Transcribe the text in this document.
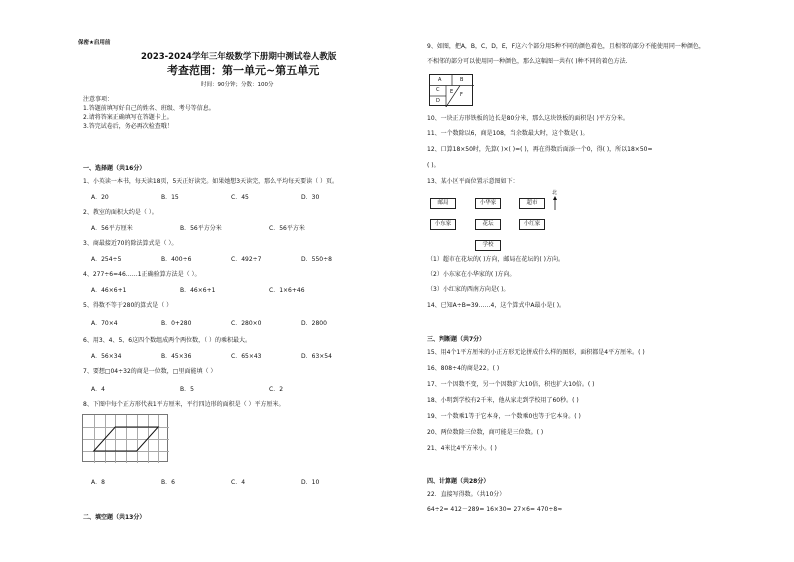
保密★启用前
2023-2024学年三年级数学下册期中测试卷人教版
考查范围：第一单元~第五单元
时间：90分钟；分数：100分
注意事项：
1.答题前填写好自己的姓名、班级、考号等信息。
2.请将答案正确填写在答题卡上。
3.答完试卷后，务必再次检查哦！
一、选择题（共16分）
1、小英读一本书，每天读18页，5天正好读完。如果她想3天读完，那么平均每天要读（ ）页。
A．20	B．15	C．45	D．30
2、教室的面积大约是（ ）。
A．56平方厘米	B．56平方分米	C．56平方米
3、商最接近70的除法算式是（ ）。
A．254÷5	B．400÷6	C．492÷7	D．550÷8
4、277÷6=46……1正确验算方法是（ ）。
A．46×6+1	B．46×6+1	C．1×6+46
5、得数不等于280的算式是（ ）
A．70×4	B．0+280	C．280×0	D．2800
6、用3、4、5、6这四个数组成两个两位数，（ ）的乘积最大。
A．56×34	B．45×36	C．65×43	D．63×54
7、要想□04÷32的商是一位数，□里面能填（ ）
A．4	B．5	C．2
8、下图中每个正方形代表1平方厘米，平行四边形的面积是（ ）平方厘米。
A．8	B．6	C．4	D．10
二、填空题（共13分）
9、如图，把A，B，C，D，E，F这六个部分用5种不同的颜色着色，且相邻的部分不能使用同一种颜色，
不相邻的部分可以使用同一种颜色，那么这幅图一共有( )种不同的着色方法.
A	B
C E
D
F
10、一块正方形铁板的边长是80分米，那么这块铁板的面积是( )平方分米。
11、一个数除以6，商是108，当余数最大时，这个数是( )。
12、口算18×50时，先算( )×( )=( )，再在得数后面添一个0，得( )，所以18×50=
( )。
13、某小区平面位置示意图如下：
北
邮局	小华家	超市
小东家	花坛	小红家
学校
（1）超市在花坛的( )方向，邮局在花坛的( )方向。
（2）小东家在小华家的( )方向。
（3）小红家的西南方向是( )。
14、已知A÷B=39……4，这个算式中A最小是( )。
三、判断题（共7分）
15、用4个1平方厘米的小正方形无论拼成什么样的图形，面积都是4平方厘米。( )
16、808÷4的商是22。( )
17、一个因数不变，另一个因数扩大10倍，积也扩大10倍。( )
18、小明到学校有2千米，他从家走到学校用了60秒。( )
19、一个数乘1等于它本身，一个数乘0也等于它本身。( )
20、两位数除三位数，商可能是三位数。( )
21、4米比4平方米小。( )
四、计算题（共28分）
22．直接写得数。（共10分）
64÷2= 412－289= 16×30= 27×6= 470÷8≈
